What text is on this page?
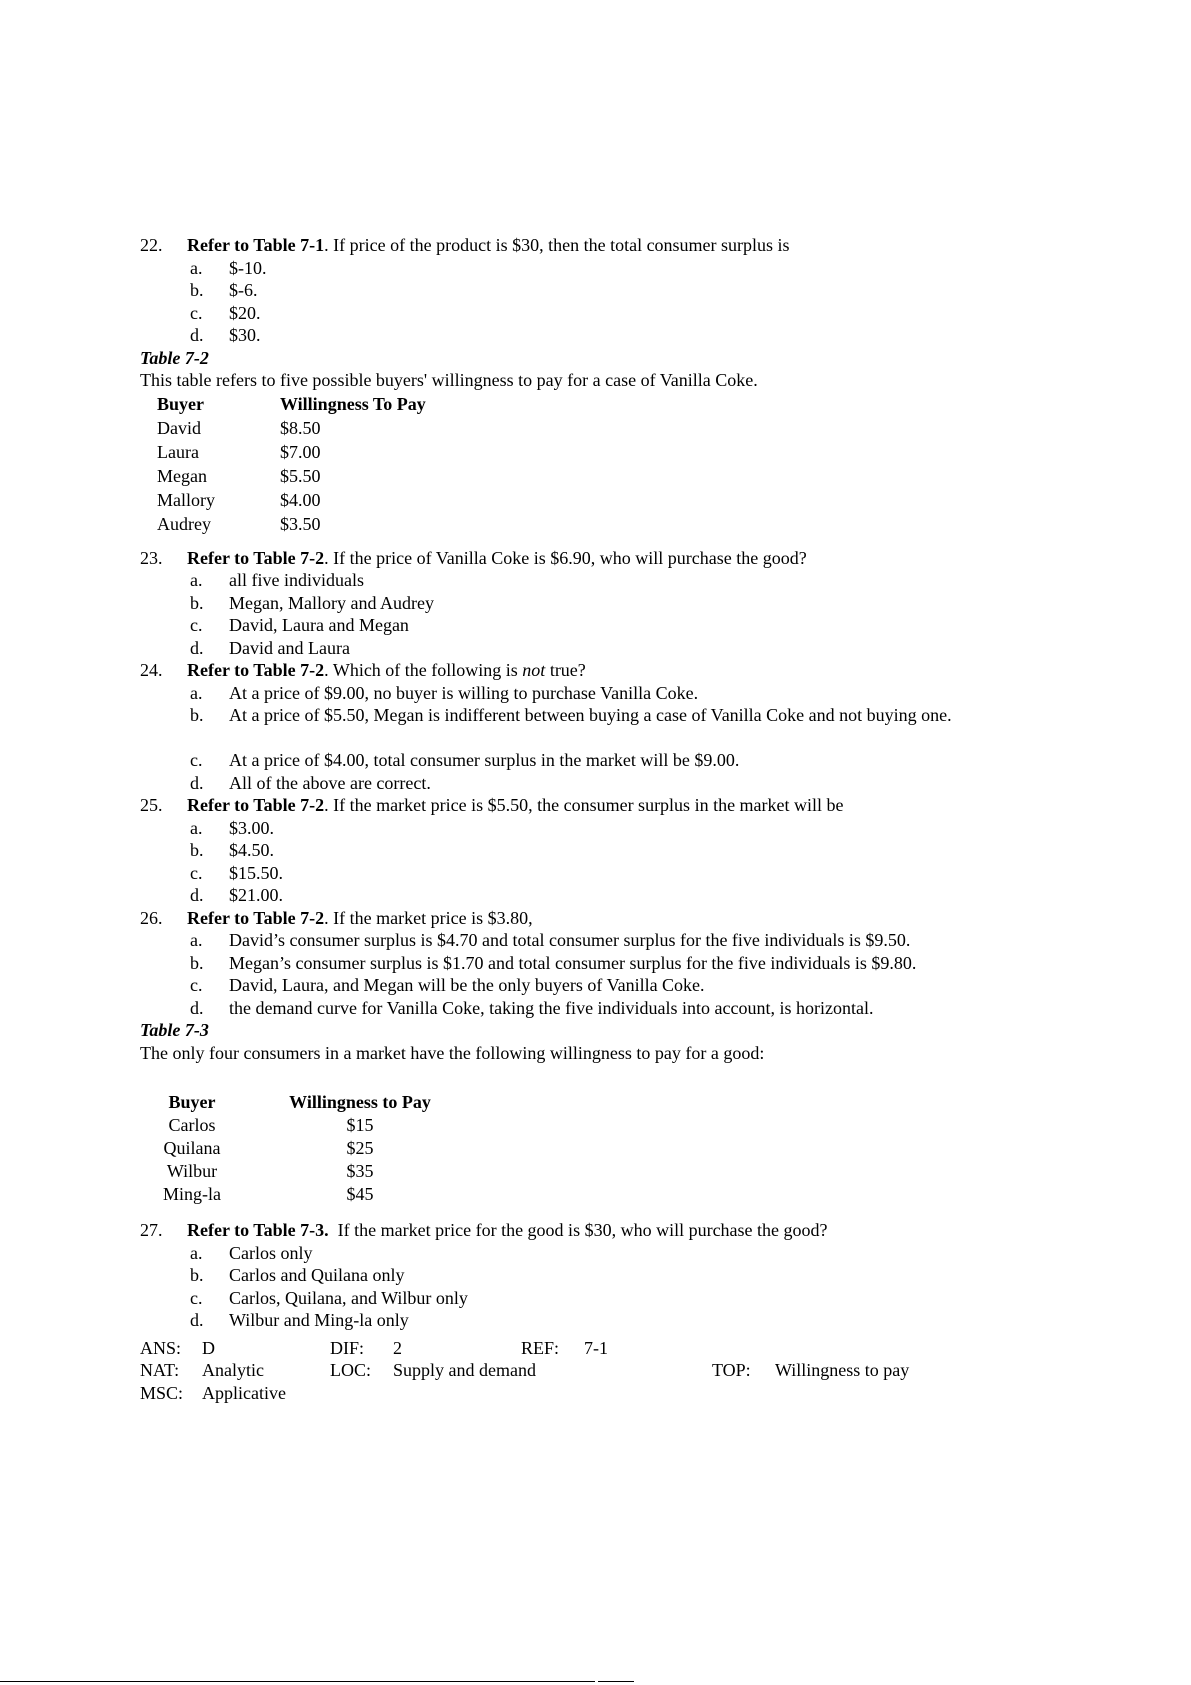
22. Refer to Table 7-1. If price of the product is $30, then the total consumer surplus is
a. $-10.
b. $-6.
c. $20.
d. $30.
Table 7-2
This table refers to five possible buyers' willingness to pay for a case of Vanilla Coke.
Buyer	Willingness To Pay
David	$8.50
Laura	$7.00
Megan	$5.50
Mallory	$4.00
Audrey	$3.50
23. Refer to Table 7-2. If the price of Vanilla Coke is $6.90, who will purchase the good?
a. all five individuals
b. Megan, Mallory and Audrey
c. David, Laura and Megan
d. David and Laura
24. Refer to Table 7-2. Which of the following is not true?
a. At a price of $9.00, no buyer is willing to purchase Vanilla Coke.
b. At a price of $5.50, Megan is indifferent between buying a case of Vanilla Coke and not buying one.
c. At a price of $4.00, total consumer surplus in the market will be $9.00.
d. All of the above are correct.
25. Refer to Table 7-2. If the market price is $5.50, the consumer surplus in the market will be
a. $3.00.
b. $4.50.
c. $15.50.
d. $21.00.
26. Refer to Table 7-2. If the market price is $3.80,
a. David’s consumer surplus is $4.70 and total consumer surplus for the five individuals is $9.50.
b. Megan’s consumer surplus is $1.70 and total consumer surplus for the five individuals is $9.80.
c. David, Laura, and Megan will be the only buyers of Vanilla Coke.
d. the demand curve for Vanilla Coke, taking the five individuals into account, is horizontal.
Table 7-3
The only four consumers in a market have the following willingness to pay for a good:
Buyer		Willingness to Pay
Carlos		$15
Quilana		$25
Wilbur		$35
Ming-la		$45
27. Refer to Table 7-3.  If the market price for the good is $30, who will purchase the good?
a. Carlos only
b. Carlos and Quilana only
c. Carlos, Quilana, and Wilbur only
d. Wilbur and Ming-la only
ANS: D	DIF: 2	REF: 7-1
NAT: Analytic	LOC: Supply and demand	TOP: Willingness to pay
MSC: Applicative
